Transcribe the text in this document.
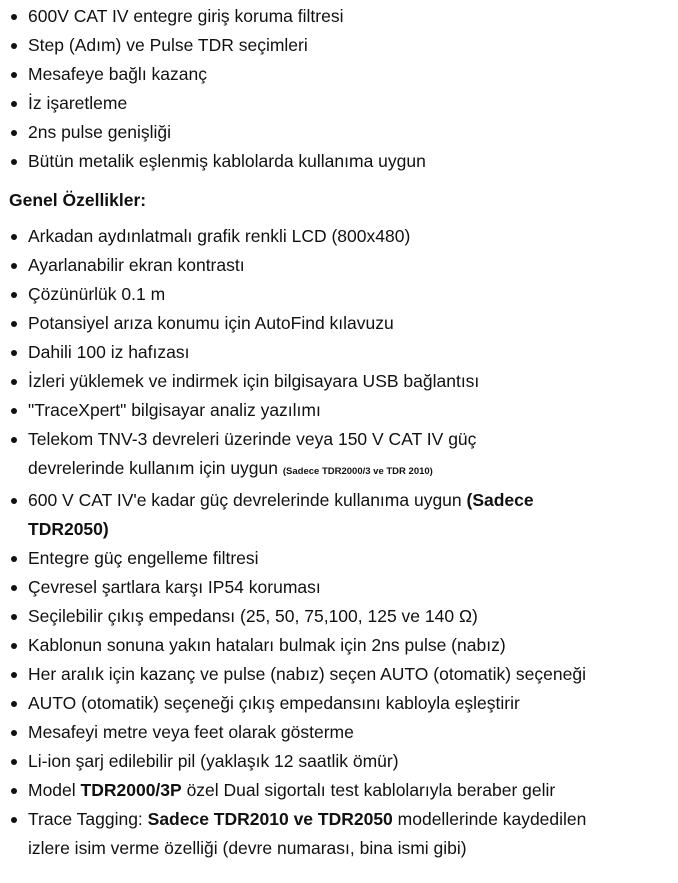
600V CAT IV entegre giriş koruma filtresi
Step (Adım) ve Pulse TDR seçimleri
Mesafeye bağlı kazanç
İz işaretleme
2ns pulse genişliği
Bütün metalik eşlenmiş kablolarda kullanıma uygun
Genel Özellikler:
Arkadan aydınlatmalı grafik renkli LCD (800x480)
Ayarlanabilir ekran kontrastı
Çözünürlük 0.1 m
Potansiyel arıza konumu için AutoFind kılavuzu
Dahili 100 iz hafızası
İzleri yüklemek ve indirmek için bilgisayara USB bağlantısı
"TraceXpert" bilgisayar analiz yazılımı
Telekom TNV-3 devreleri üzerinde veya 150 V CAT IV güç
devrelerinde kullanım için uygun (Sadece TDR2000/3 ve TDR 2010)
600 V CAT IV'e kadar güç devrelerinde kullanıma uygun (Sadece
TDR2050)
Entegre güç engelleme filtresi
Çevresel şartlara karşı IP54 koruması
Seçilebilir çıkış empedansı (25, 50, 75,100, 125 ve 140 Ω)
Kablonun sonuna yakın hataları bulmak için 2ns pulse (nabız)
Her aralık için kazanç ve pulse (nabız) seçen AUTO (otomatik) seçeneği
AUTO (otomatik) seçeneği çıkış empedansını kabloyla eşleştirir
Mesafeyi metre veya feet olarak gösterme
Li-ion şarj edilebilir pil (yaklaşık 12 saatlik ömür)
Model TDR2000/3P özel Dual sigortalı test kablolarıyla beraber gelir
Trace Tagging: Sadece TDR2010 ve TDR2050 modellerinde kaydedilen
izlere isim verme özelliği (devre numarası, bina ismi gibi)
